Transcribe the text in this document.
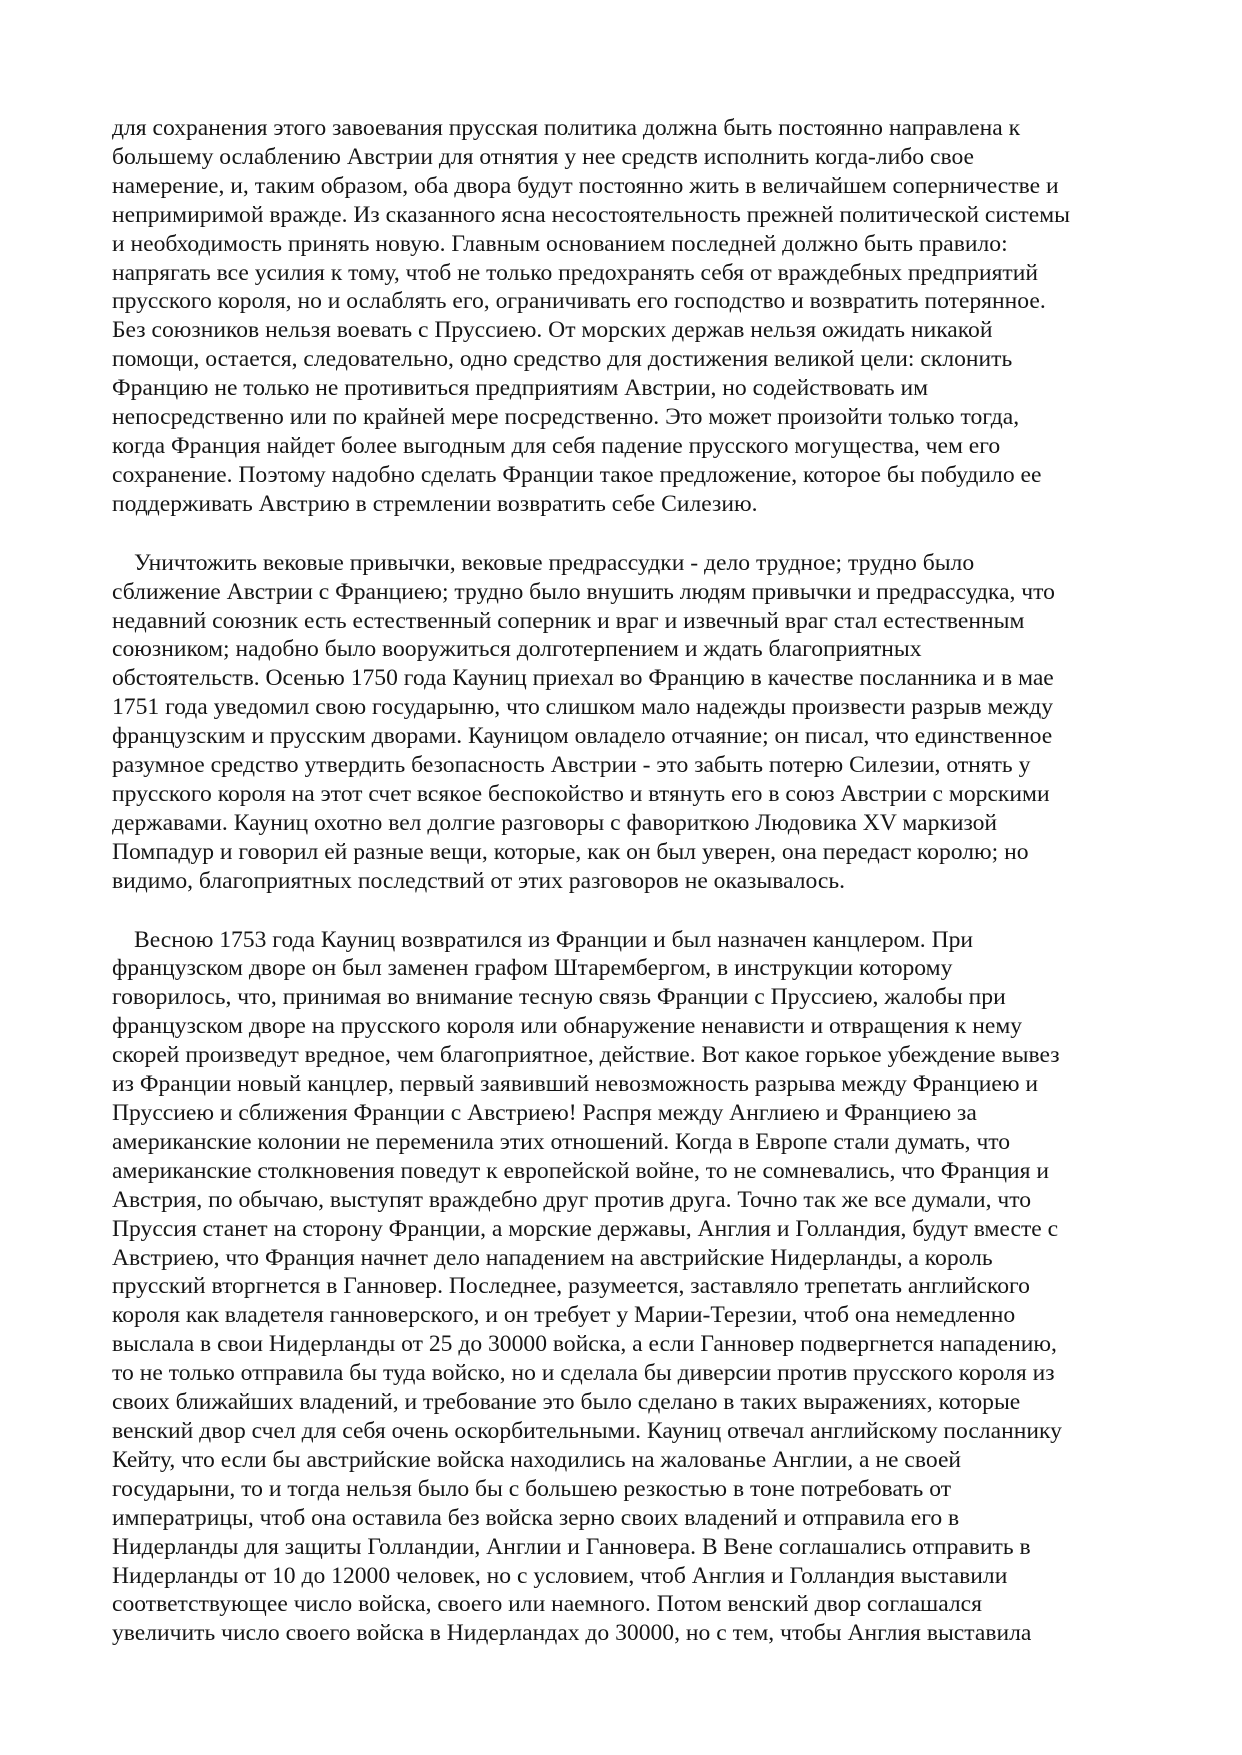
для сохранения этого завоевания прусская политика должна быть постоянно направлена к
большему ослаблению Австрии для отнятия у нее средств исполнить когда-либо свое
намерение, и, таким образом, оба двора будут постоянно жить в величайшем соперничестве и
непримиримой вражде. Из сказанного ясна несостоятельность прежней политической системы
и необходимость принять новую. Главным основанием последней должно быть правило:
напрягать все усилия к тому, чтоб не только предохранять себя от враждебных предприятий
прусского короля, но и ослаблять его, ограничивать его господство и возвратить потерянное.
Без союзников нельзя воевать с Пруссиею. От морских держав нельзя ожидать никакой
помощи, остается, следовательно, одно средство для достижения великой цели: склонить
Францию не только не противиться предприятиям Австрии, но содействовать им
непосредственно или по крайней мере посредственно. Это может произойти только тогда,
когда Франция найдет более выгодным для себя падение прусского могущества, чем его
сохранение. Поэтому надобно сделать Франции такое предложение, которое бы побудило ее
поддерживать Австрию в стремлении возвратить себе Силезию.

Уничтожить вековые привычки, вековые предрассудки - дело трудное; трудно было
сближение Австрии с Франциею; трудно было внушить людям привычки и предрассудка, что
недавний союзник есть естественный соперник и враг и извечный враг стал естественным
союзником; надобно было вооружиться долготерпением и ждать благоприятных
обстоятельств. Осенью 1750 года Кауниц приехал во Францию в качестве посланника и в мае
1751 года уведомил свою государыню, что слишком мало надежды произвести разрыв между
французским и прусским дворами. Кауницом овладело отчаяние; он писал, что единственное
разумное средство утвердить безопасность Австрии - это забыть потерю Силезии, отнять у
прусского короля на этот счет всякое беспокойство и втянуть его в союз Австрии с морскими
державами. Кауниц охотно вел долгие разговоры с фавориткою Людовика XV маркизой
Помпадур и говорил ей разные вещи, которые, как он был уверен, она передаст королю; но
видимо, благоприятных последствий от этих разговоров не оказывалось.

Весною 1753 года Кауниц возвратился из Франции и был назначен канцлером. При
французском дворе он был заменен графом Штарембергом, в инструкции которому
говорилось, что, принимая во внимание тесную связь Франции с Пруссиею, жалобы при
французском дворе на прусского короля или обнаружение ненависти и отвращения к нему
скорей произведут вредное, чем благоприятное, действие. Вот какое горькое убеждение вывез
из Франции новый канцлер, первый заявивший невозможность разрыва между Франциею и
Пруссиею и сближения Франции с Австриею! Распря между Англиею и Франциею за
американские колонии не переменила этих отношений. Когда в Европе стали думать, что
американские столкновения поведут к европейской войне, то не сомневались, что Франция и
Австрия, по обычаю, выступят враждебно друг против друга. Точно так же все думали, что
Пруссия станет на сторону Франции, а морские державы, Англия и Голландия, будут вместе с
Австриею, что Франция начнет дело нападением на австрийские Нидерланды, а король
прусский вторгнется в Ганновер. Последнее, разумеется, заставляло трепетать английского
короля как владетеля ганноверского, и он требует у Марии-Терезии, чтоб она немедленно
выслала в свои Нидерланды от 25 до 30000 войска, а если Ганновер подвергнется нападению,
то не только отправила бы туда войско, но и сделала бы диверсии против прусского короля из
своих ближайших владений, и требование это было сделано в таких выражениях, которые
венский двор счел для себя очень оскорбительными. Кауниц отвечал английскому посланнику
Кейту, что если бы австрийские войска находились на жалованье Англии, а не своей
государыни, то и тогда нельзя было бы с большею резкостью в тоне потребовать от
императрицы, чтоб она оставила без войска зерно своих владений и отправила его в
Нидерланды для защиты Голландии, Англии и Ганновера. В Вене соглашались отправить в
Нидерланды от 10 до 12000 человек, но с условием, чтоб Англия и Голландия выставили
соответствующее число войска, своего или наемного. Потом венский двор соглашался
увеличить число своего войска в Нидерландах до 30000, но с тем, чтобы Англия выставила
